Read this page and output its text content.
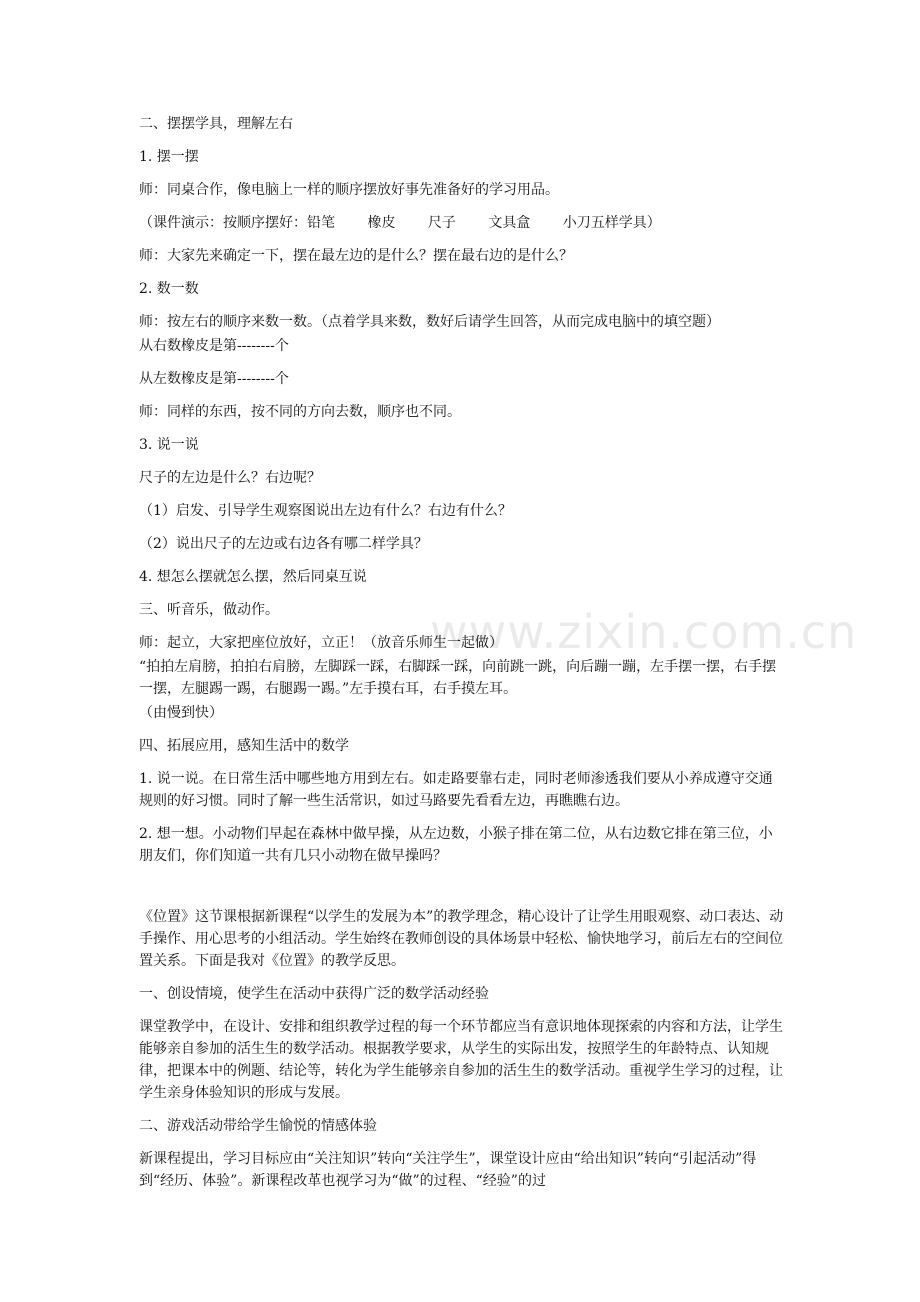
www.zixin.com.cn

二、摆摆学具，理解左右

1. 摆一摆

师：同桌合作，像电脑上一样的顺序摆放好事先准备好的学习用品。

（课件演示：按顺序摆好：铅笔　　 橡皮　　 尺子　　 文具盒　　 小刀五样学具）

师：大家先来确定一下，摆在最左边的是什么？摆在最右边的是什么？

2. 数一数

师：按左右的顺序来数一数。（点着学具来数，数好后请学生回答，从而完成电脑中的填空题）

从右数橡皮是第--------个

从左数橡皮是第--------个

师：同样的东西，按不同的方向去数，顺序也不同。

3. 说一说

尺子的左边是什么？右边呢？

（1）启发、引导学生观察图说出左边有什么？右边有什么？

（2）说出尺子的左边或右边各有哪二样学具？

4. 想怎么摆就怎么摆，然后同桌互说

三、听音乐，做动作。

师：起立，大家把座位放好，立正！（放音乐师生一起做）

“拍拍左肩膀，拍拍右肩膀，左脚踩一踩，右脚踩一踩，向前跳一跳，向后蹦一蹦，左手摆一摆，右手摆一摆，左腿踢一踢，右腿踢一踢。”左手摸右耳，右手摸左耳。

（由慢到快）

四、拓展应用，感知生活中的数学

1. 说一说。在日常生活中哪些地方用到左右。如走路要靠右走，同时老师渗透我们要从小养成遵守交通规则的好习惯。同时了解一些生活常识，如过马路要先看看左边，再瞧瞧右边。

2. 想一想。小动物们早起在森林中做早操，从左边数，小猴子排在第二位，从右边数它排在第三位，小朋友们，你们知道一共有几只小动物在做早操吗？

《位置》这节课根据新课程“以学生的发展为本”的教学理念，精心设计了让学生用眼观察、动口表达、动手操作、用心思考的小组活动。学生始终在教师创设的具体场景中轻松、愉快地学习，前后左右的空间位置关系。下面是我对《位置》的教学反思。

一、创设情境，使学生在活动中获得广泛的数学活动经验

课堂教学中，在设计、安排和组织教学过程的每一个环节都应当有意识地体现探索的内容和方法，让学生能够亲自参加的活生生的数学活动。根据教学要求，从学生的实际出发，按照学生的年龄特点、认知规律，把课本中的例题、结论等，转化为学生能够亲自参加的活生生的数学活动。重视学生学习的过程，让学生亲身体验知识的形成与发展。

二、游戏活动带给学生愉悦的情感体验

新课程提出，学习目标应由“关注知识”转向“关注学生”，课堂设计应由“给出知识”转向“引起活动”得到“经历、体验”。新课程改革也视学习为“做”的过程、“经验”的过
